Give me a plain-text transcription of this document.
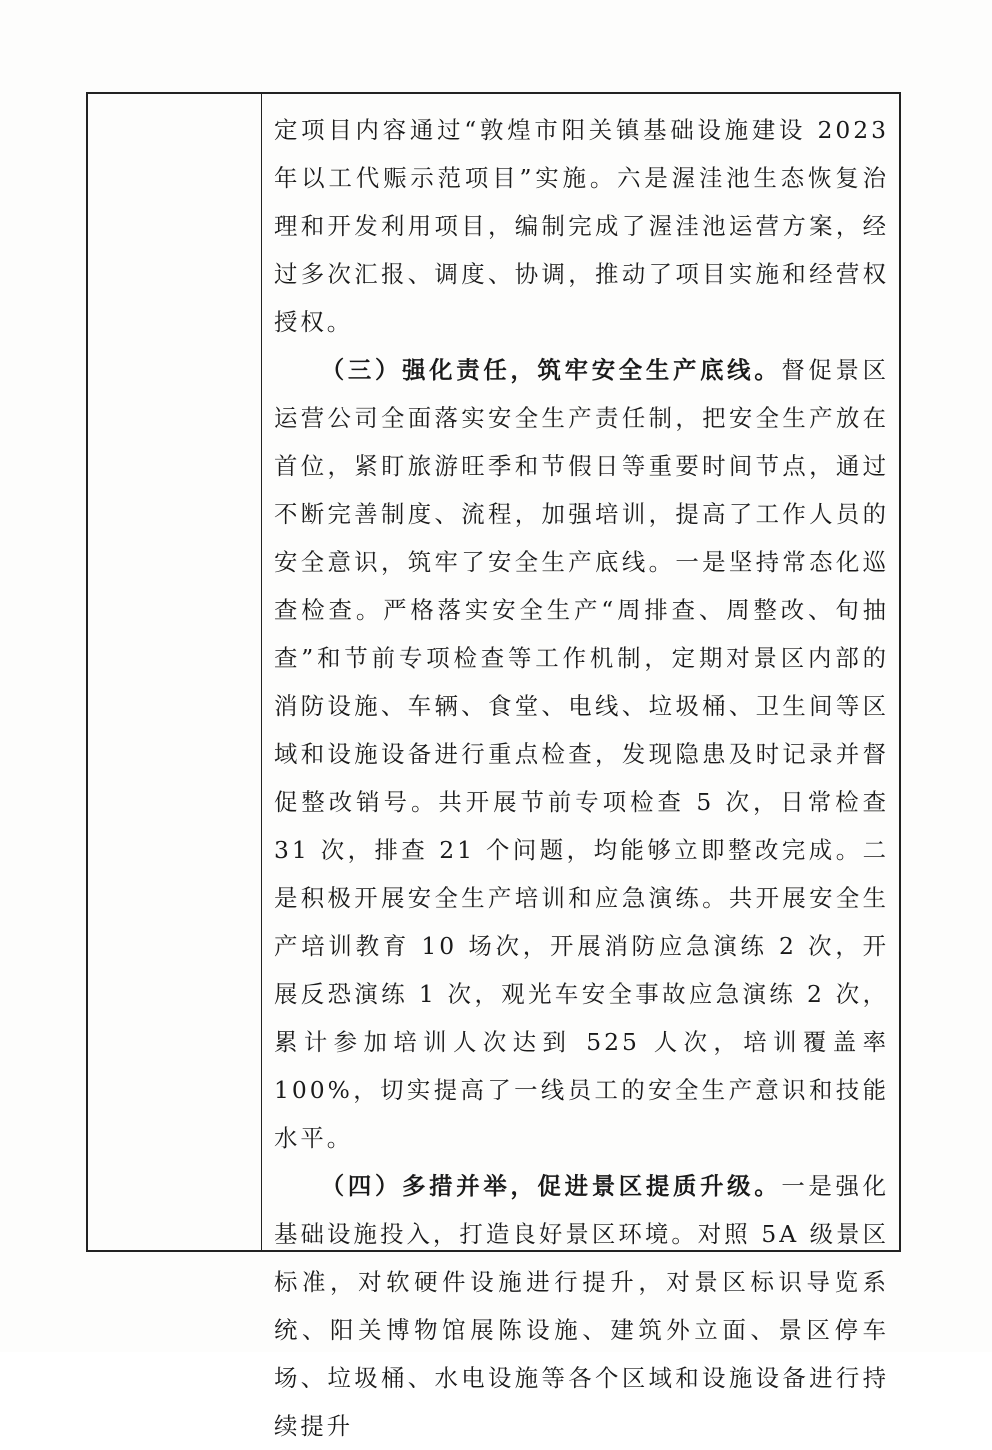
定项目内容通过“敦煌市阳关镇基础设施建设 2023 年以工代赈示范项目”实施。六是渥洼池生态恢复治理和开发利用项目，编制完成了渥洼池运营方案，经过多次汇报、调度、协调，推动了项目实施和经营权授权。

（三）强化责任，筑牢安全生产底线。督促景区运营公司全面落实安全生产责任制，把安全生产放在首位，紧盯旅游旺季和节假日等重要时间节点，通过不断完善制度、流程，加强培训，提高了工作人员的安全意识，筑牢了安全生产底线。一是坚持常态化巡查检查。严格落实安全生产“周排查、周整改、旬抽查”和节前专项检查等工作机制，定期对景区内部的消防设施、车辆、食堂、电线、垃圾桶、卫生间等区域和设施设备进行重点检查，发现隐患及时记录并督促整改销号。共开展节前专项检查 5 次，日常检查 31 次，排查 21 个问题，均能够立即整改完成。二是积极开展安全生产培训和应急演练。共开展安全生产培训教育 10 场次，开展消防应急演练 2 次，开展反恐演练 1 次，观光车安全事故应急演练 2 次，累计参加培训人次达到 525 人次，培训覆盖率 100%，切实提高了一线员工的安全生产意识和技能水平。

（四）多措并举，促进景区提质升级。一是强化基础设施投入，打造良好景区环境。对照 5A 级景区标准，对软硬件设施进行提升，对景区标识导览系统、阳关博物馆展陈设施、建筑外立面、景区停车场、垃圾桶、水电设施等各个区域和设施设备进行持续提升
